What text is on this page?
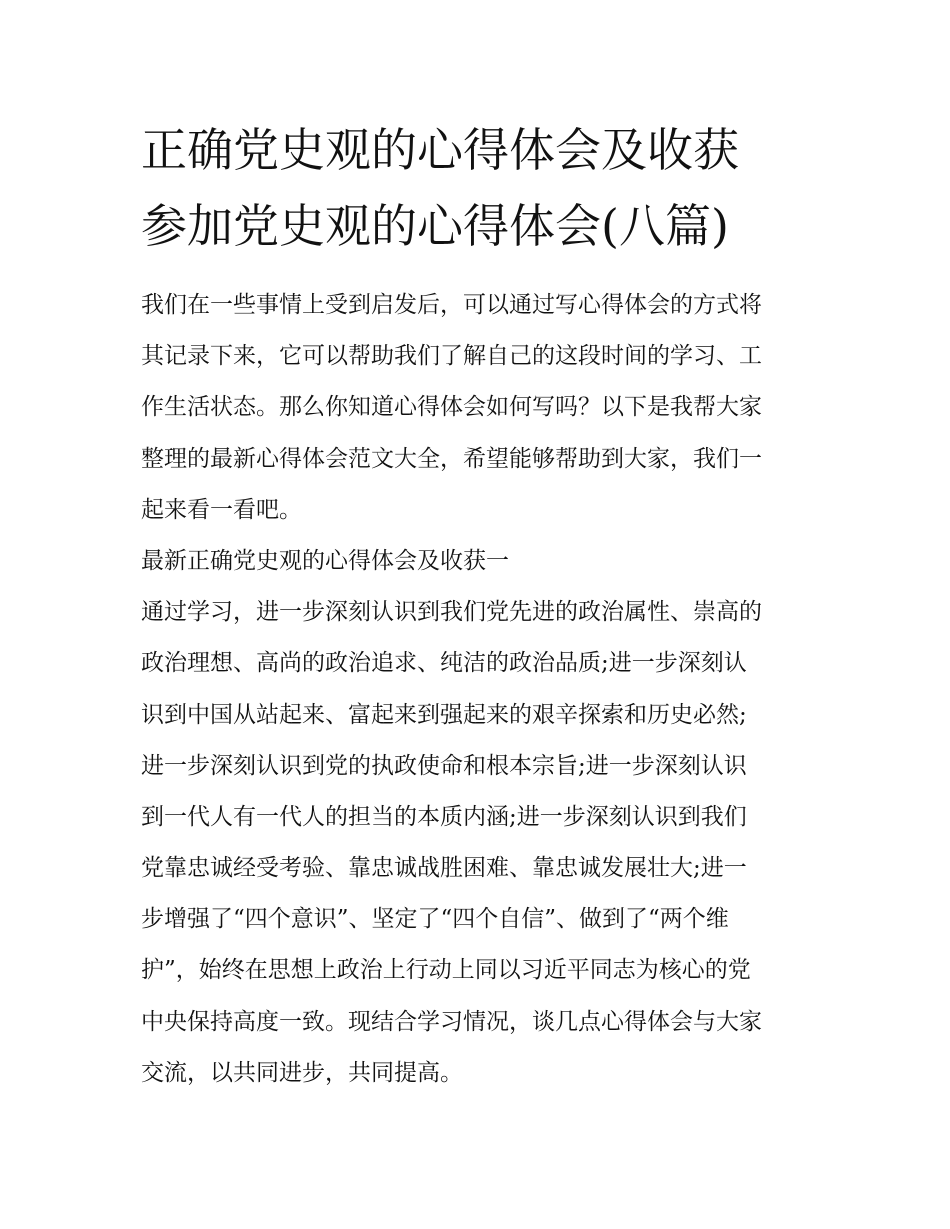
正确党史观的心得体会及收获
参加党史观的心得体会(八篇)
我们在一些事情上受到启发后，可以通过写心得体会的方式将
其记录下来，它可以帮助我们了解自己的这段时间的学习、工
作生活状态。那么你知道心得体会如何写吗？以下是我帮大家
整理的最新心得体会范文大全，希望能够帮助到大家，我们一
起来看一看吧。
最新正确党史观的心得体会及收获一
通过学习，进一步深刻认识到我们党先进的政治属性、崇高的
政治理想、高尚的政治追求、纯洁的政治品质;进一步深刻认
识到中国从站起来、富起来到强起来的艰辛探索和历史必然;
进一步深刻认识到党的执政使命和根本宗旨;进一步深刻认识
到一代人有一代人的担当的本质内涵;进一步深刻认识到我们
党靠忠诚经受考验、靠忠诚战胜困难、靠忠诚发展壮大;进一
步增强了“四个意识”、坚定了“四个自信”、做到了“两个维
护”，始终在思想上政治上行动上同以习近平同志为核心的党
中央保持高度一致。现结合学习情况，谈几点心得体会与大家
交流，以共同进步，共同提高。
